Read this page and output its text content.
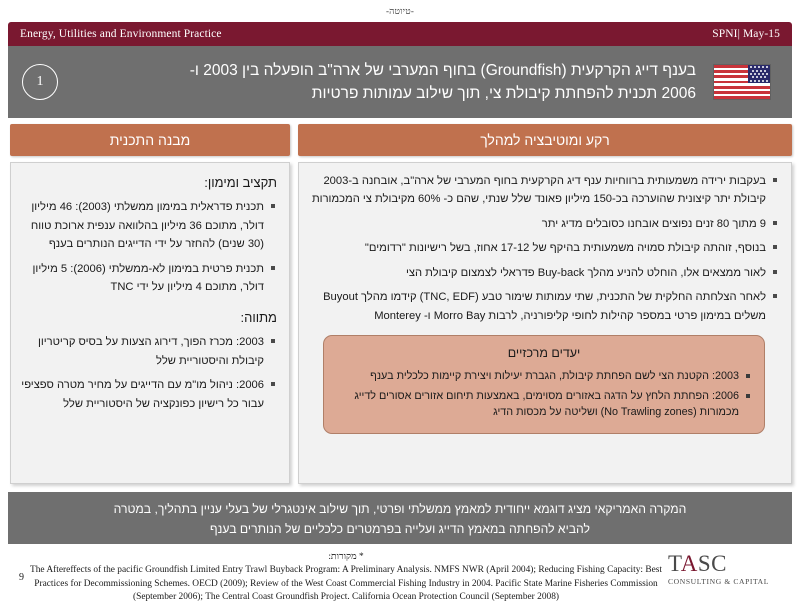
-טיוטה-
Energy, Utilities and Environment Practice	SPNI| May-15
בענף דייג הקרקעית (Groundfish) בחוף המערבי של ארה"ב הופעלה בין 2003 ו-
2006 תכנית להפחתת קיבולת צי, תוך שילוב עמותות פרטיות
1
רקע ומוטיבציה למהלך
בעקבות ירידה משמעותית ברווחיות ענף דיג הקרקעית בחוף המערבי של ארה"ב, אובחנה ב-2003 קיבולת יתר קיצונית שהוערכה בכ-150 מיליון פאונד שלל שנתי, שהם כ- 60% מקיבולת צי המכמורות
9 מתוך 80 זנים נפוצים אובחנו כסובלים מדיג יתר
בנוסף, זוהתה קיבולת סמויה משמעותית בהיקף של 17-12 אחוז, בשל רישיונות "רדומים"
לאור ממצאים אלו, הוחלט להניע מהלך Buy-back פדראלי לצמצום קיבולת הצי
לאחר הצלחתה החלקית של התכנית, שתי עמותות שימור טבע (TNC, EDF) קידמו מהלך Buyout משלים במימון פרטי במספר קהילות לחופי קליפורניה, לרבות Morro Bay ו- Monterey
יעדים מרכזיים
2003: הקטנת הצי לשם הפחתת קיבולת, הגברת יעילות ויצירת קיימות כלכלית בענף
2006: הפחתת הלחץ על הדגה באזורים מסוימים, באמצעות תיחום אזורים אסורים לדייג מכמורות (No Trawling zones) ושליטה על מכסות הדיג
מבנה התכנית
תקציב ומימון:
תכנית פדראלית במימון ממשלתי (2003): 46 מיליון דולר, מתוכם 36 מיליון בהלוואה ענפית ארוכת טווח (30 שנים) להחזר על ידי הדייגים הנותרים בענף
תכנית פרטית במימון לא-ממשלתי (2006): 5 מיליון דולר, מתוכם 4 מיליון על ידי TNC
מתווה:
2003: מכרז הפוך, דירוג הצעות על בסיס קריטריון קיבולת והיסטוריית שלל
2006: ניהול מו"מ עם הדייגים על מחיר מטרה ספציפי עבור כל רישיון כפונקציה של היסטוריית שלל
המקרה האמריקאי מציג דוגמא ייחודית למאמץ ממשלתי ופרטי, תוך שילוב אינטגרלי של בעלי עניין בתהליך, במטרה
להביא להפחתה במאמץ הדייג ועלייה בפרמטרים כלכליים של הנותרים בענף
TASC
CONSULTING & CAPITAL
* מקורות: The Aftereffects of the pacific Groundfish Limited Entry Trawl Buyback Program: A Preliminary Analysis. NMFS NWR (April 2004); Reducing Fishing Capacity: Best Practices for Decommissioning Schemes. OECD (2009); Review of the West Coast Commercial Fishing Industry in 2004. Pacific State Marine Fisheries Commission (September 2006); The Central Coast Groundfish Project. California Ocean Protection Council (September 2008)
9
